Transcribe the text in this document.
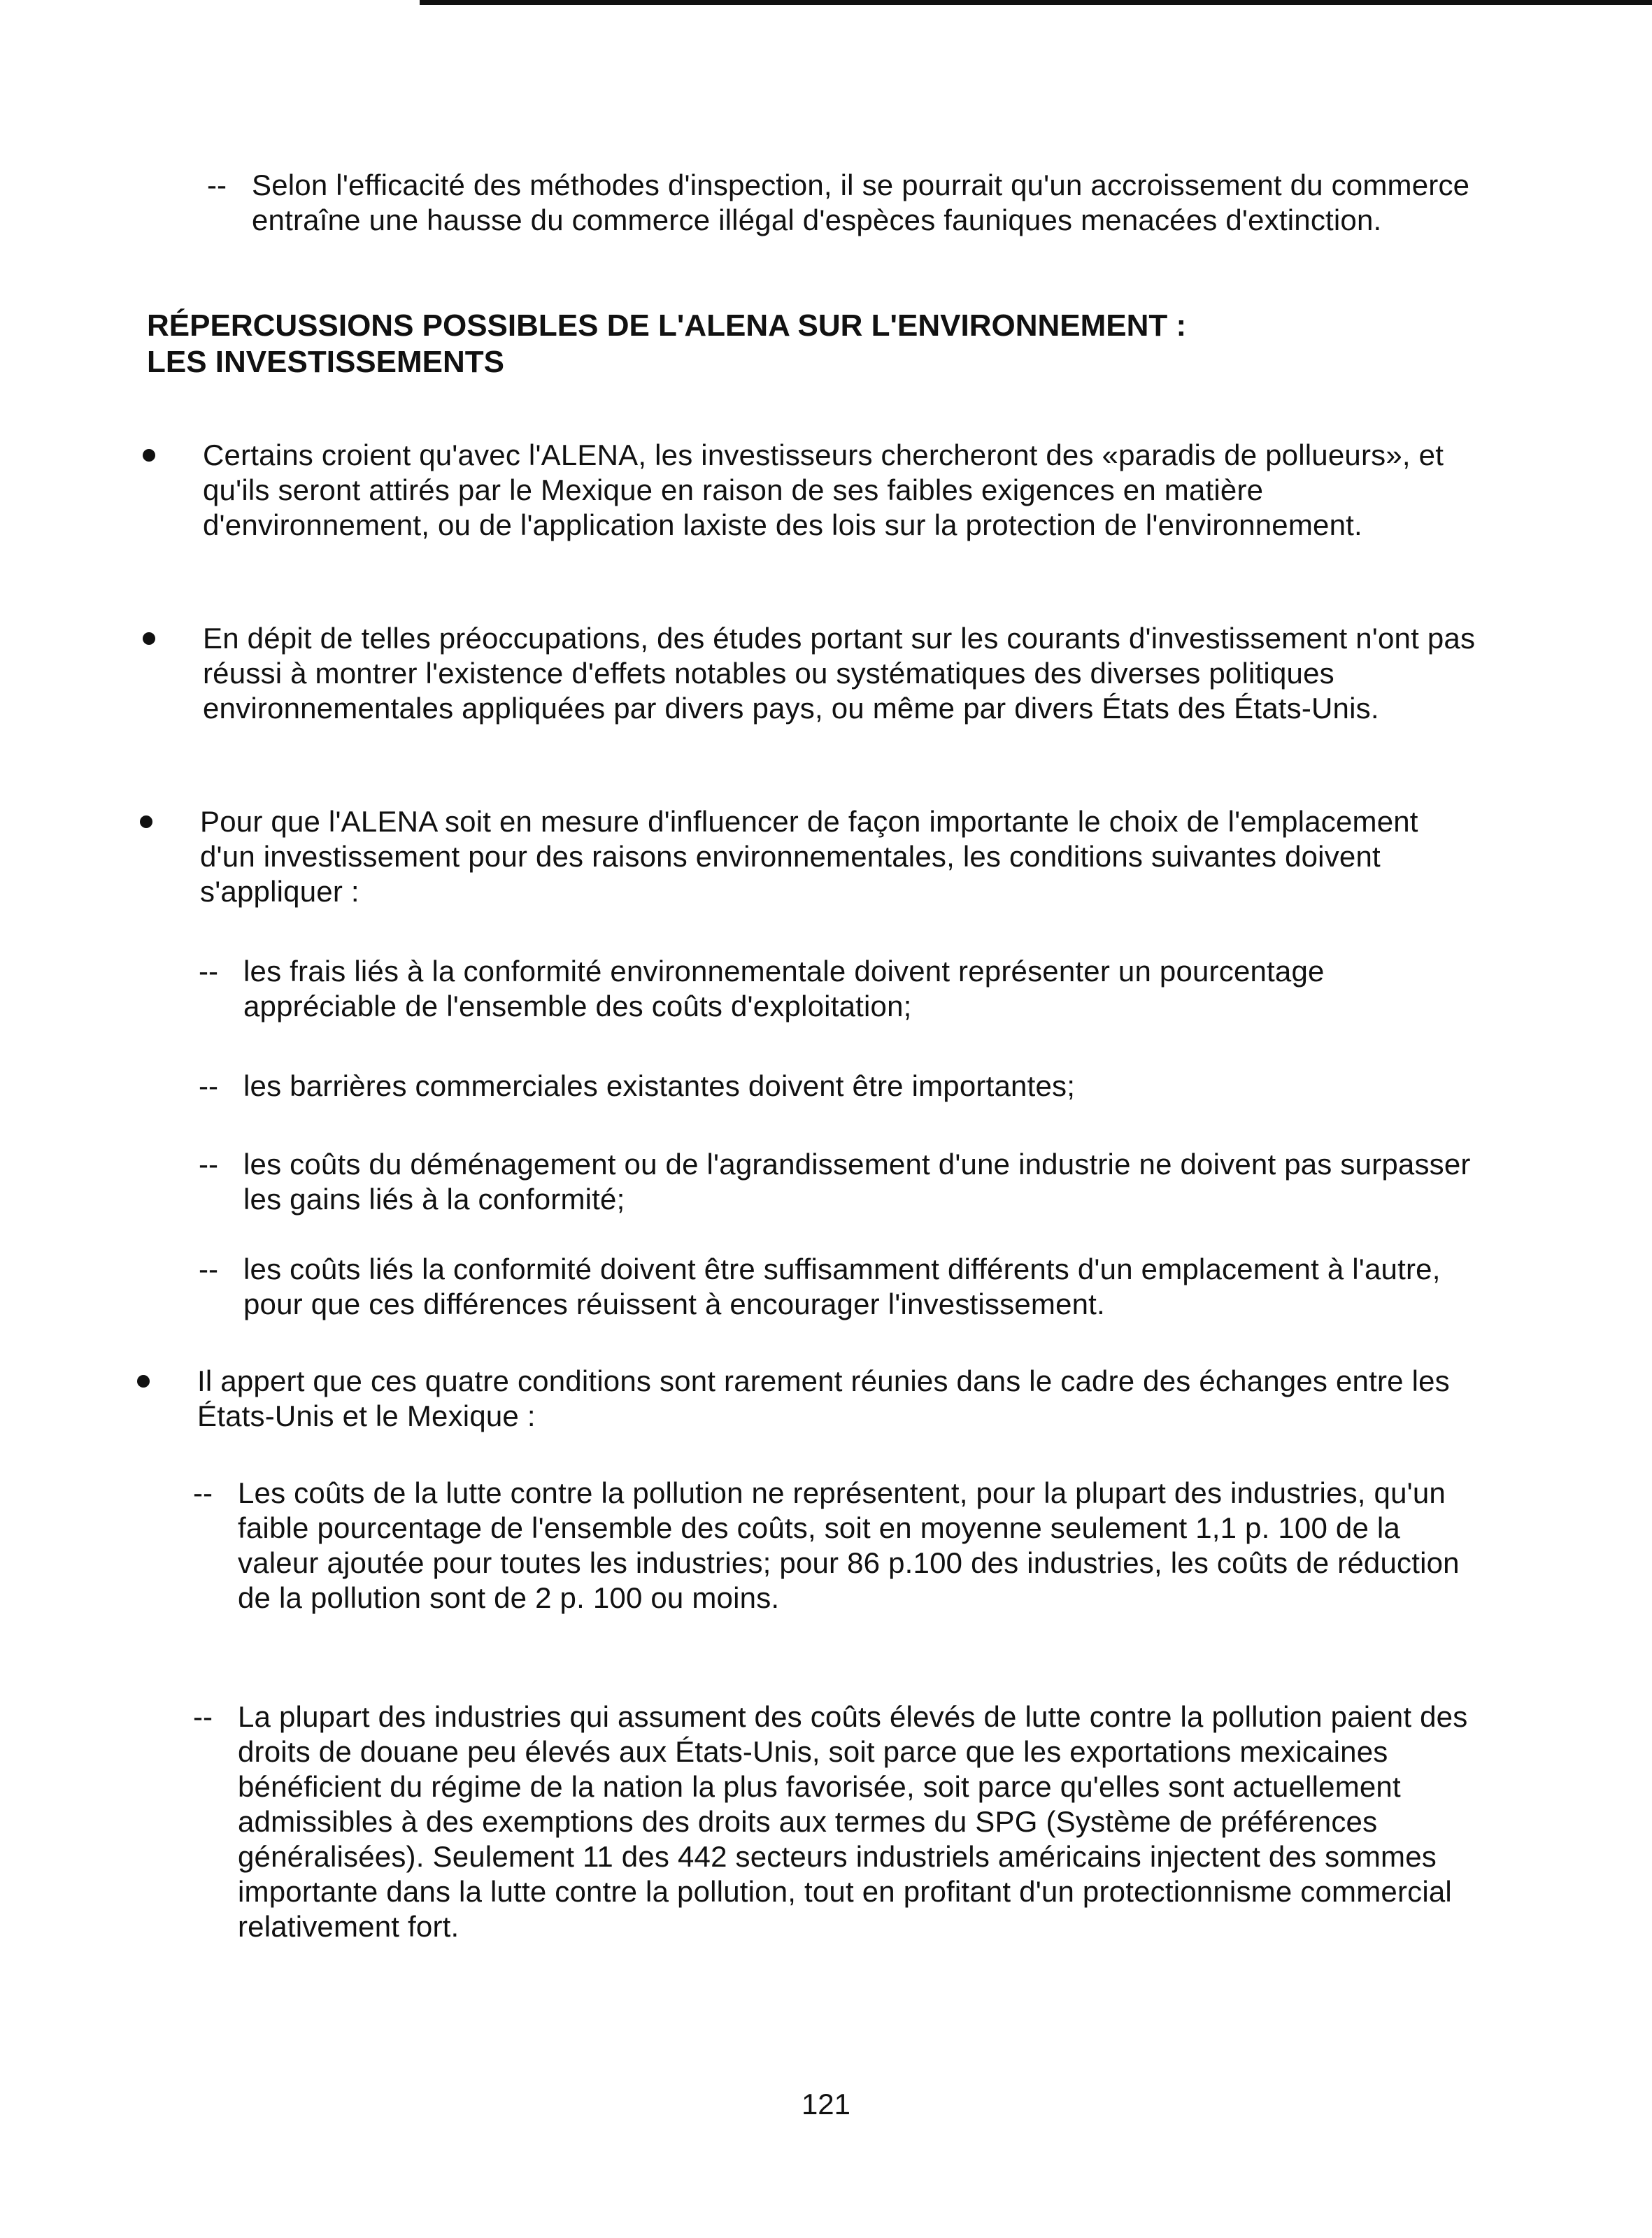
-- Selon l'efficacité des méthodes d'inspection, il se pourrait qu'un accroissement du commerce entraîne une hausse du commerce illégal d'espèces fauniques menacées d'extinction.

RÉPERCUSSIONS POSSIBLES DE L'ALENA SUR L'ENVIRONNEMENT :
LES INVESTISSEMENTS

Certains croient qu'avec l'ALENA, les investisseurs chercheront des «paradis de pollueurs», et qu'ils seront attirés par le Mexique en raison de ses faibles exigences en matière d'environnement, ou de l'application laxiste des lois sur la protection de l'environnement.

En dépit de telles préoccupations, des études portant sur les courants d'investissement n'ont pas réussi à montrer l'existence d'effets notables ou systématiques des diverses politiques environnementales appliquées par divers pays, ou même par divers États des États-Unis.

Pour que l'ALENA soit en mesure d'influencer de façon importante le choix de l'emplacement d'un investissement pour des raisons environnementales, les conditions suivantes doivent s'appliquer :

-- les frais liés à la conformité environnementale doivent représenter un pourcentage appréciable de l'ensemble des coûts d'exploitation;

-- les barrières commerciales existantes doivent être importantes;

-- les coûts du déménagement ou de l'agrandissement d'une industrie ne doivent pas surpasser les gains liés à la conformité;

-- les coûts liés la conformité doivent être suffisamment différents d'un emplacement à l'autre, pour que ces différences réuissent à encourager l'investissement.

Il appert que ces quatre conditions sont rarement réunies dans le cadre des échanges entre les États-Unis et le Mexique :

-- Les coûts de la lutte contre la pollution ne représentent, pour la plupart des industries, qu'un faible pourcentage de l'ensemble des coûts, soit en moyenne seulement 1,1 p. 100 de la valeur ajoutée pour toutes les industries; pour 86 p.100 des industries, les coûts de réduction de la pollution sont de 2 p. 100 ou moins.

-- La plupart des industries qui assument des coûts élevés de lutte contre la pollution paient des droits de douane peu élevés aux États-Unis, soit parce que les exportations mexicaines bénéficient du régime de la nation la plus favorisée, soit parce qu'elles sont actuellement admissibles à des exemptions des droits aux termes du SPG (Système de préférences généralisées). Seulement 11 des 442 secteurs industriels américains injectent des sommes importante dans la lutte contre la pollution, tout en profitant d'un protectionnisme commercial relativement fort.

121
